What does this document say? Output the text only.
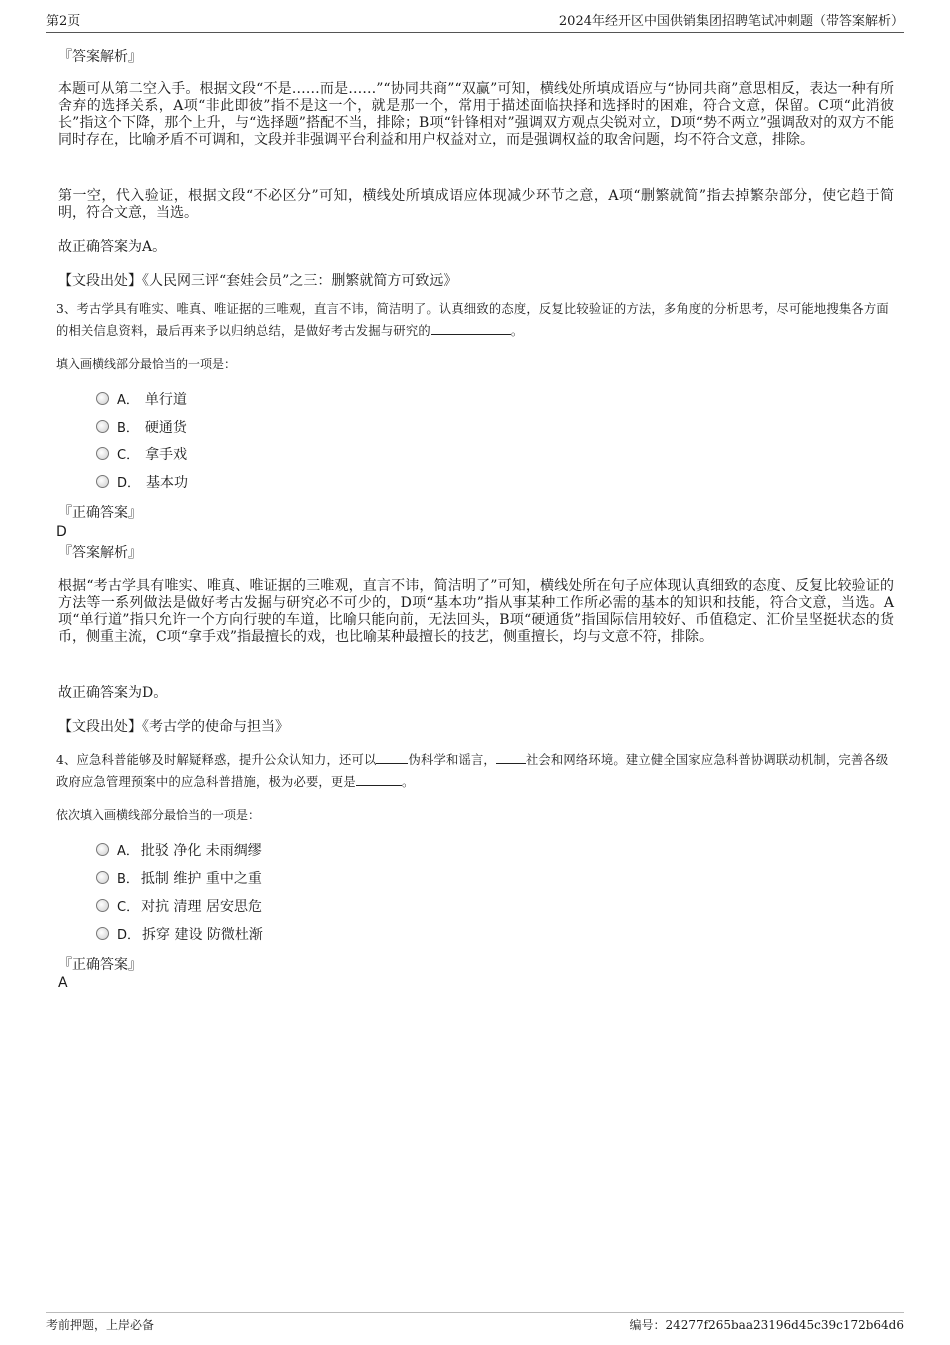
第2页	2024年经开区中国供销集团招聘笔试冲刺题（带答案解析）
『答案解析』
本题可从第二空入手。根据文段“不是……而是……”“协同共商”“双赢”可知，横线处所填成语应与“协同共商”意思相反，表达一种有所舍弃的选择关系，A项“非此即彼”指不是这一个，就是那一个，常用于描述面临抉择和选择时的困难，符合文意，保留。C项“此消彼长”指这个下降，那个上升，与“选择题”搭配不当，排除；B项“针锋相对”强调双方观点尖锐对立，D项“势不两立”强调敌对的双方不能同时存在，比喻矛盾不可调和，文段并非强调平台利益和用户权益对立，而是强调权益的取舍问题，均不符合文意，排除。
第一空，代入验证，根据文段“不必区分”可知，横线处所填成语应体现减少环节之意，A项“删繁就简”指去掉繁杂部分，使它趋于简明，符合文意，当选。
故正确答案为A。
【文段出处】《人民网三评“套娃会员”之三：删繁就简方可致远》
3、考古学具有唯实、唯真、唯证据的三唯观，直言不讳，简洁明了。认真细致的态度，反复比较验证的方法，多角度的分析思考，尽可能地搜集各方面的相关信息资料，最后再来予以归纳总结，是做好考古发掘与研究的	。
填入画横线部分最恰当的一项是：
A． 单行道
B． 硬通货
C． 拿手戏
D． 基本功
『正确答案』
D
『答案解析』
根据“考古学具有唯实、唯真、唯证据的三唯观，直言不讳，简洁明了”可知，横线处所在句子应体现认真细致的态度、反复比较验证的方法等一系列做法是做好考古发掘与研究必不可少的，D项“基本功”指从事某种工作所必需的基本的知识和技能，符合文意，当选。A项“单行道”指只允许一个方向行驶的车道，比喻只能向前，无法回头，B项“硬通货”指国际信用较好、币值稳定、汇价呈坚挺状态的货币，侧重主流，C项“拿手戏”指最擅长的戏，也比喻某种最擅长的技艺，侧重擅长，均与文意不符，排除。
故正确答案为D。
【文段出处】《考古学的使命与担当》
4、应急科普能够及时解疑释惑，提升公众认知力，还可以	伪科学和谣言， 社会和网络环境。建立健全国家应急科普协调联动机制，完善各级政府应急管理预案中的应急科普措施，极为必要，更是	。
依次填入画横线部分最恰当的一项是：
A． 批驳 净化 未雨绸缪
B． 抵制 维护 重中之重
C． 对抗 清理 居安思危
D． 拆穿 建设 防微杜渐
『正确答案』
A
考前押题，上岸必备	编号：24277f265baa23196d45c39c172b64d6
